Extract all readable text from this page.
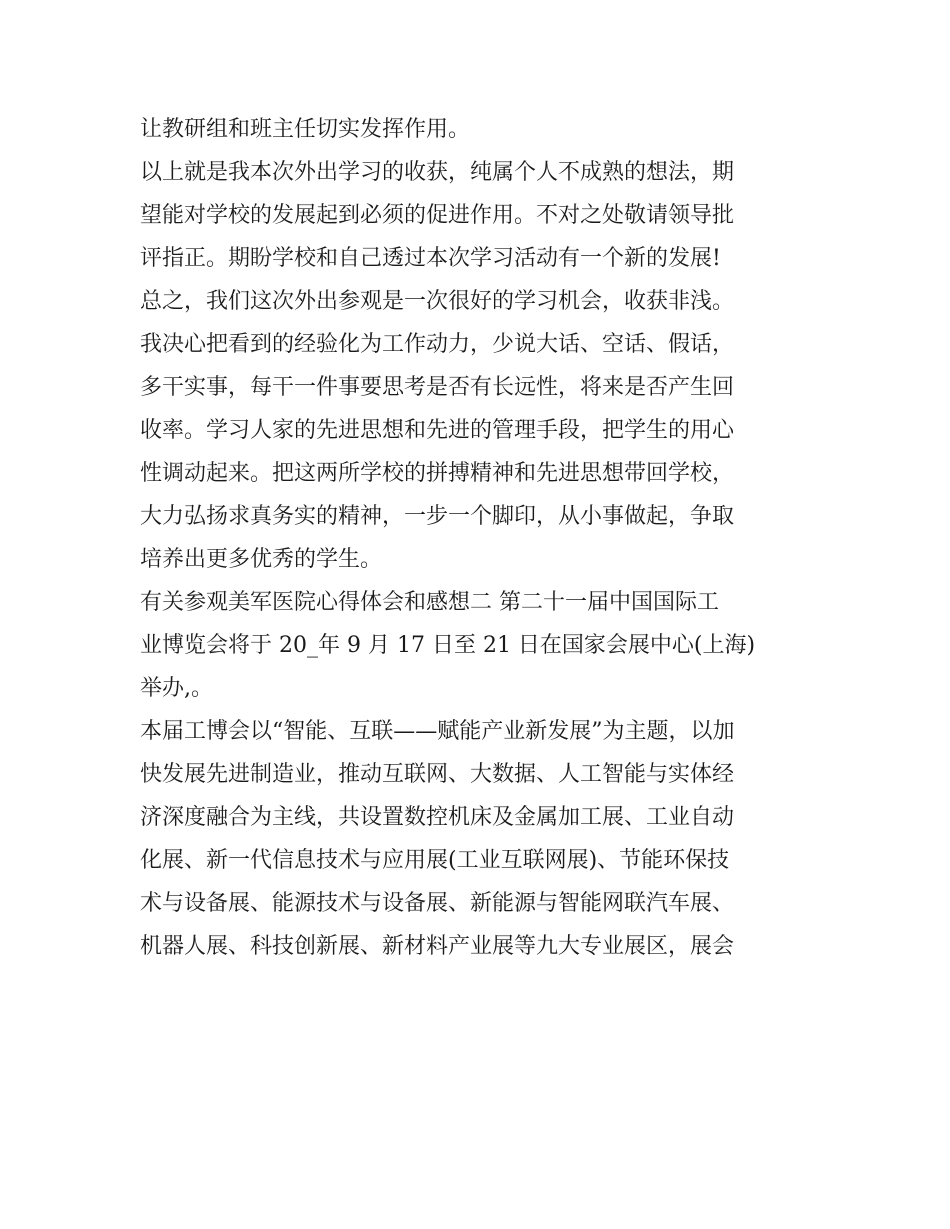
让教研组和班主任切实发挥作用。
以上就是我本次外出学习的收获，纯属个人不成熟的想法，期
望能对学校的发展起到必须的促进作用。不对之处敬请领导批
评指正。期盼学校和自己透过本次学习活动有一个新的发展!
总之，我们这次外出参观是一次很好的学习机会，收获非浅。
我决心把看到的经验化为工作动力，少说大话、空话、假话，
多干实事，每干一件事要思考是否有长远性，将来是否产生回
收率。学习人家的先进思想和先进的管理手段，把学生的用心
性调动起来。把这两所学校的拼搏精神和先进思想带回学校，
大力弘扬求真务实的精神，一步一个脚印，从小事做起，争取
培养出更多优秀的学生。
有关参观美军医院心得体会和感想二 第二十一届中国国际工
业博览会将于 20_年 9 月 17 日至 21 日在国家会展中心(上海)
举办,。
本届工博会以“智能、互联——赋能产业新发展”为主题，以加
快发展先进制造业，推动互联网、大数据、人工智能与实体经
济深度融合为主线，共设置数控机床及金属加工展、工业自动
化展、新一代信息技术与应用展(工业互联网展)、节能环保技
术与设备展、能源技术与设备展、新能源与智能网联汽车展、
机器人展、科技创新展、新材料产业展等九大专业展区，展会
